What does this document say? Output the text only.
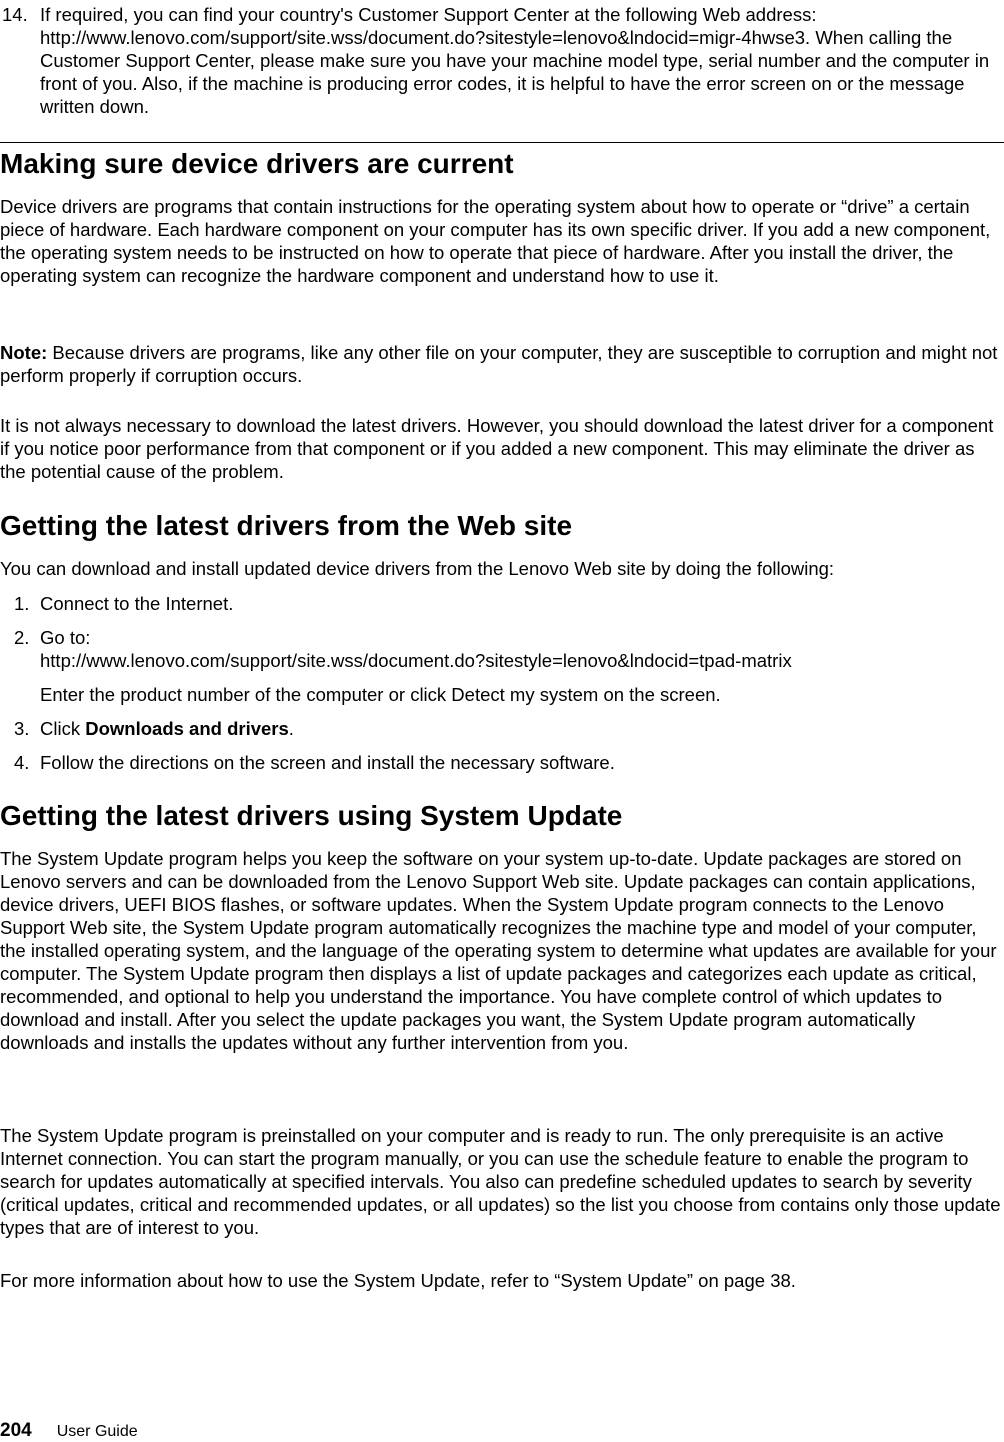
14. If required, you can find your country's Customer Support Center at the following Web address: http://www.lenovo.com/support/site.wss/document.do?sitestyle=lenovo&lndocid=migr-4hwse3. When calling the Customer Support Center, please make sure you have your machine model type, serial number and the computer in front of you. Also, if the machine is producing error codes, it is helpful to have the error screen on or the message written down.

Making sure device drivers are current

Device drivers are programs that contain instructions for the operating system about how to operate or “drive” a certain piece of hardware. Each hardware component on your computer has its own specific driver. If you add a new component, the operating system needs to be instructed on how to operate that piece of hardware. After you install the driver, the operating system can recognize the hardware component and understand how to use it.

Note: Because drivers are programs, like any other file on your computer, they are susceptible to corruption and might not perform properly if corruption occurs.

It is not always necessary to download the latest drivers. However, you should download the latest driver for a component if you notice poor performance from that component or if you added a new component. This may eliminate the driver as the potential cause of the problem.

Getting the latest drivers from the Web site

You can download and install updated device drivers from the Lenovo Web site by doing the following:

1. Connect to the Internet.
2. Go to:
http://www.lenovo.com/support/site.wss/document.do?sitestyle=lenovo&lndocid=tpad-matrix
Enter the product number of the computer or click Detect my system on the screen.
3. Click Downloads and drivers.
4. Follow the directions on the screen and install the necessary software.
Getting the latest drivers using System Update

The System Update program helps you keep the software on your system up-to-date. Update packages are stored on Lenovo servers and can be downloaded from the Lenovo Support Web site. Update packages can contain applications, device drivers, UEFI BIOS flashes, or software updates. When the System Update program connects to the Lenovo Support Web site, the System Update program automatically recognizes the machine type and model of your computer, the installed operating system, and the language of the operating system to determine what updates are available for your computer. The System Update program then displays a list of update packages and categorizes each update as critical, recommended, and optional to help you understand the importance. You have complete control of which updates to download and install. After you select the update packages you want, the System Update program automatically downloads and installs the updates without any further intervention from you.

The System Update program is preinstalled on your computer and is ready to run. The only prerequisite is an active Internet connection. You can start the program manually, or you can use the schedule feature to enable the program to search for updates automatically at specified intervals. You also can predefine scheduled updates to search by severity (critical updates, critical and recommended updates, or all updates) so the list you choose from contains only those update types that are of interest to you.

For more information about how to use the System Update, refer to “System Update” on page 38.

204 User Guide
